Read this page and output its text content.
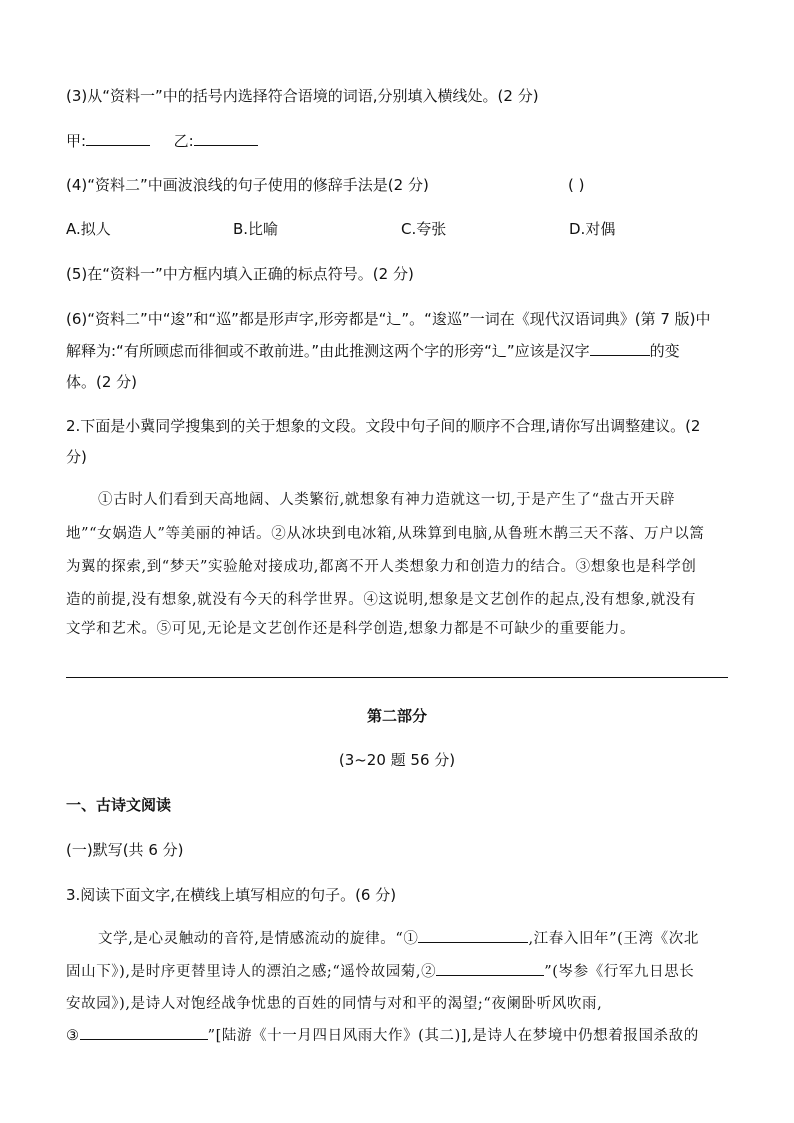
(3)从“资料一”中的括号内选择符合语境的词语,分别填入横线处。(2 分)
甲:	乙:
(4)“资料二”中画波浪线的句子使用的修辞手法是(2 分)	( )
A.拟人	B.比喻	C.夸张	D.对偶
(5)在“资料一”中方框内填入正确的标点符号。(2 分)
(6)“资料二”中“逡”和“巡”都是形声字,形旁都是“辶”。“逡巡”一词在《现代汉语词典》(第 7 版)中
解释为:“有所顾虑而徘徊或不敢前进。”由此推测这两个字的形旁“辶”应该是汉字	的变
体。(2 分)
2.下面是小冀同学搜集到的关于想象的文段。文段中句子间的顺序不合理,请你写出调整建议。(2
分)
①古时人们看到天高地阔、人类繁衍,就想象有神力造就这一切,于是产生了“盘古开天辟
地”“女娲造人”等美丽的神话。②从冰块到电冰箱,从珠算到电脑,从鲁班木鹊三天不落、万户以篙
为翼的探索,到“梦天”实验舱对接成功,都离不开人类想象力和创造力的结合。③想象也是科学创
造的前提,没有想象,就没有今天的科学世界。④这说明,想象是文艺创作的起点,没有想象,就没有
文学和艺术。⑤可见,无论是文艺创作还是科学创造,想象力都是不可缺少的重要能力。
第二部分
(3~20 题 56 分)
一、古诗文阅读
(一)默写(共 6 分)
3.阅读下面文字,在横线上填写相应的句子。(6 分)
文学,是心灵触动的音符,是情感流动的旋律。“①	,江春入旧年”(王湾《次北
固山下》),是时序更替里诗人的漂泊之感;“遥怜故园菊,②	”(岑参《行军九日思长
安故园》),是诗人对饱经战争忧患的百姓的同情与对和平的渴望;“夜阑卧听风吹雨,
③	”[陆游《十一月四日风雨大作》(其二)],是诗人在梦境中仍想着报国杀敌的
